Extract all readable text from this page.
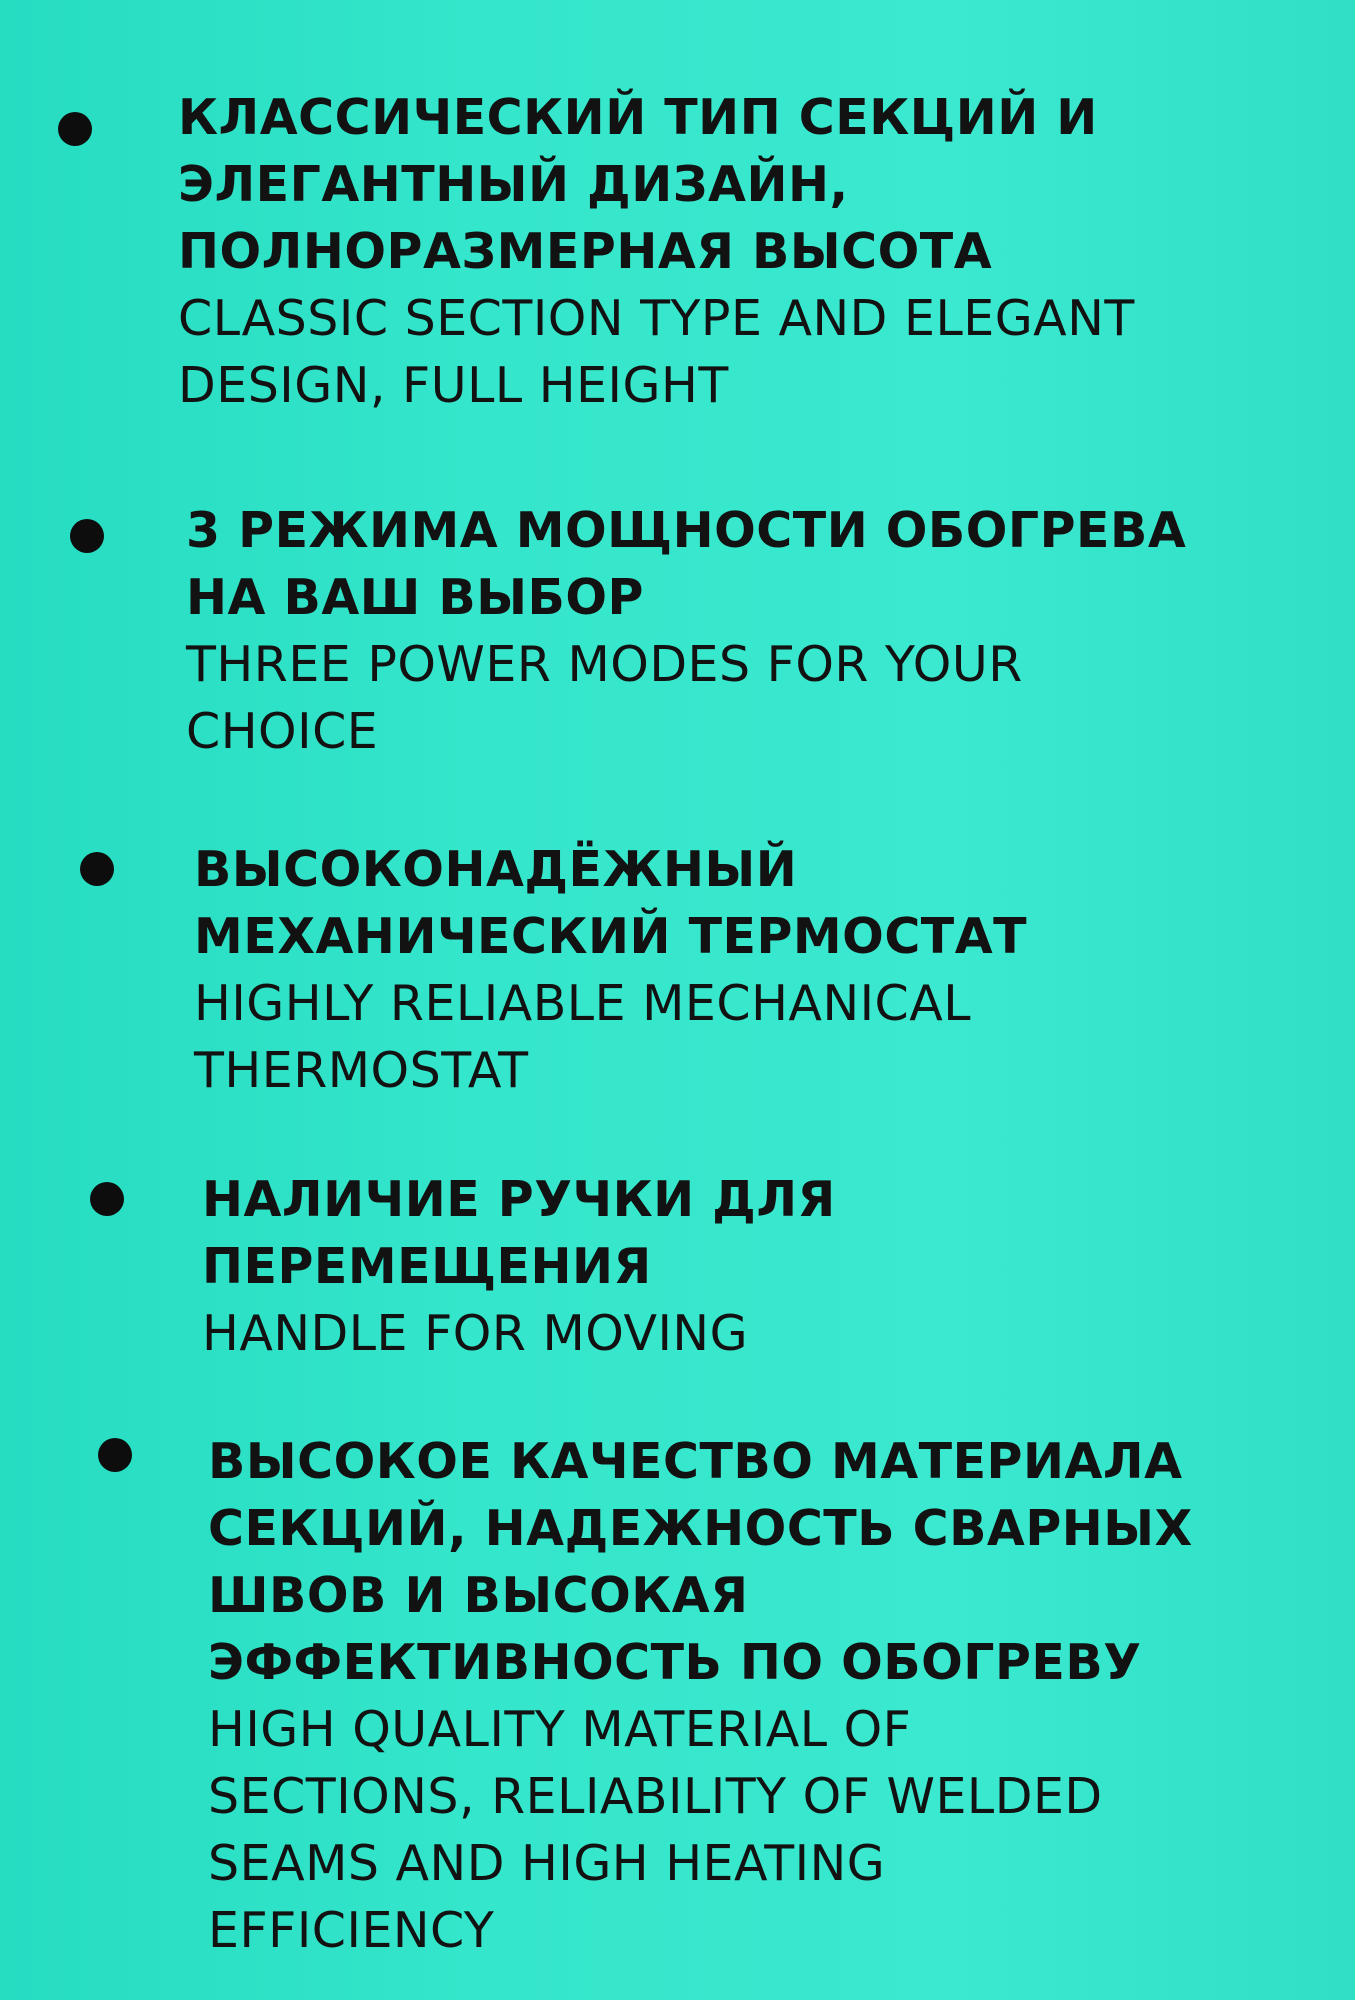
КЛАССИЧЕСКИЙ ТИП СЕКЦИЙ И
ЭЛЕГАНТНЫЙ ДИЗАЙН,
ПОЛНОРАЗМЕРНАЯ ВЫСОТА
CLASSIC SECTION TYPE AND ELEGANT
DESIGN, FULL HEIGHT
3 РЕЖИМА МОЩНОСТИ ОБОГРЕВА
НА ВАШ ВЫБОР
THREE POWER MODES FOR YOUR
CHOICE
ВЫСОКОНАДЁЖНЫЙ
МЕХАНИЧЕСКИЙ ТЕРМОСТАТ
HIGHLY RELIABLE MECHANICAL
THERMOSTAT
НАЛИЧИЕ РУЧКИ ДЛЯ
ПЕРЕМЕЩЕНИЯ
HANDLE FOR MOVING
ВЫСОКОЕ КАЧЕСТВО МАТЕРИАЛА
СЕКЦИЙ, НАДЕЖНОСТЬ СВАРНЫХ
ШВОВ И ВЫСОКАЯ
ЭФФЕКТИВНОСТЬ ПО ОБОГРЕВУ
HIGH QUALITY MATERIAL OF
SECTIONS, RELIABILITY OF WELDED
SEAMS AND HIGH HEATING
EFFICIENCY
